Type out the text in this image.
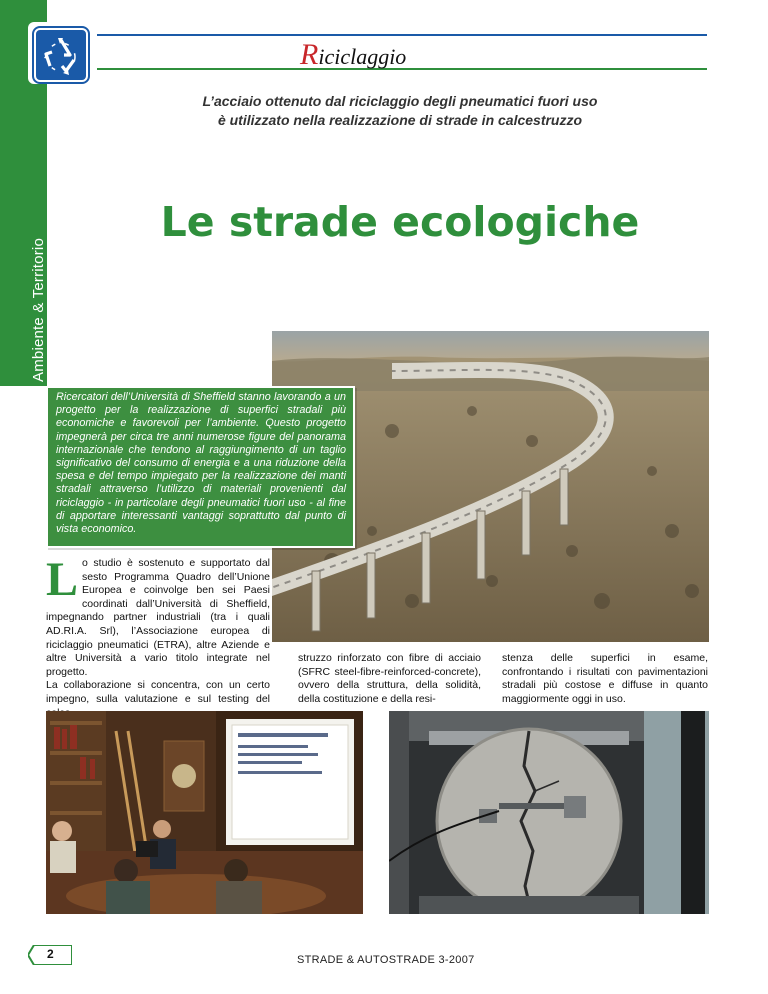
Ambiente & Territorio
Riciclaggio
L’acciaio ottenuto dal riciclaggio degli pneumatici fuori uso
è utilizzato nella realizzazione di strade in calcestruzzo
Le strade ecologiche
Ricercatori dell’Università di Sheffield stanno lavorando a un progetto per la realizzazione di superfici stradali più economiche e favorevoli per l’ambiente. Questo progetto impegnerà per circa tre anni numerose figure del panorama internazionale che tendono al raggiungimento di un taglio significativo del consumo di energia e a una riduzione della spesa e del tempo impiegato per la realizzazione dei manti stradali attraverso l’utilizzo di materiali provenienti dal riciclaggio - in particolare degli pneumatici fuori uso - al fine di apportare interessanti vantaggi soprattutto dal punto di vista economico.
Lo studio è sostenuto e supportato dal sesto Programma Quadro dell’Unione Europea e coinvolge ben sei Paesi coordinati dall’Università di Sheffield, impegnando partner industriali (tra i quali AD.RI.A. Srl), l’Associazione europea di riciclaggio pneumatici (ETRA), altre Aziende e altre Università a vario titolo integrate nel progetto.
La collaborazione si concentra, con un certo impegno, sulla valutazione e sul testing del
struzzo rinforzato con fibre di acciaio (SFRC steel-fibre-reinforced-concrete), ovvero della struttura, della solidità, della costituzione e della resi-
stenza delle superfici in esame, confrontando i risultati con pavimentazioni stradali più costose e diffuse in quanto maggiormente oggi in uso.
2	STRADE & AUTOSTRADE 3-2007
